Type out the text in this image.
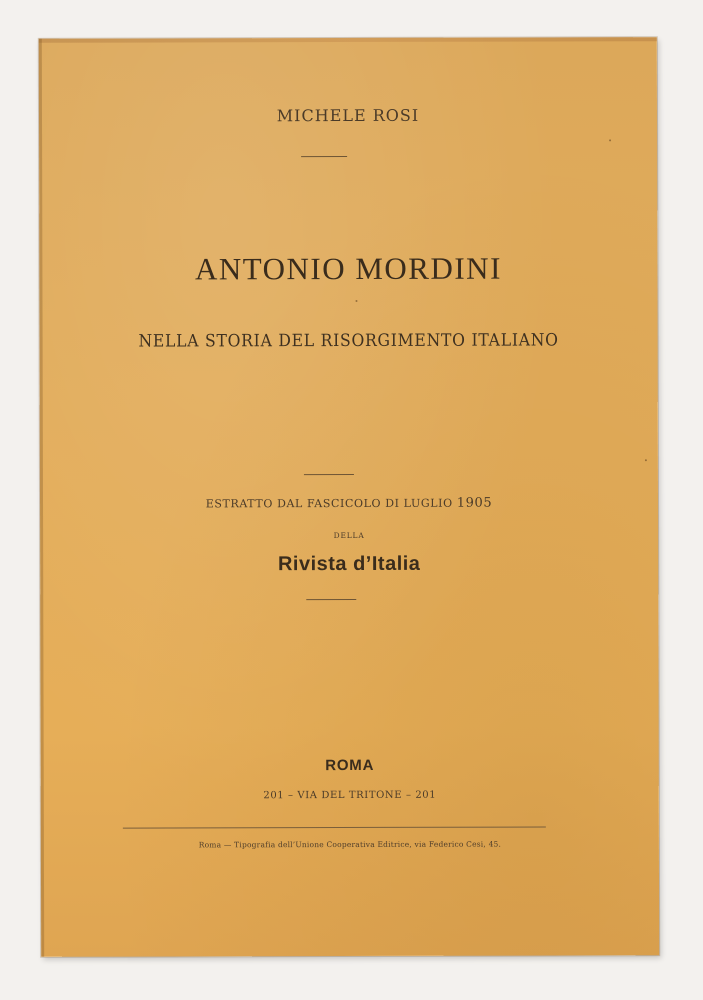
MICHELE ROSI
ANTONIO MORDINI
NELLA STORIA DEL RISORGIMENTO ITALIANO
ESTRATTO DAL FASCICOLO DI LUGLIO 1905
DELLA
Rivista d’Italia
ROMA
201 – VIA DEL TRITONE – 201
Roma — Tipografia dell’Unione Cooperativa Editrice, via Federico Cesi, 45.
